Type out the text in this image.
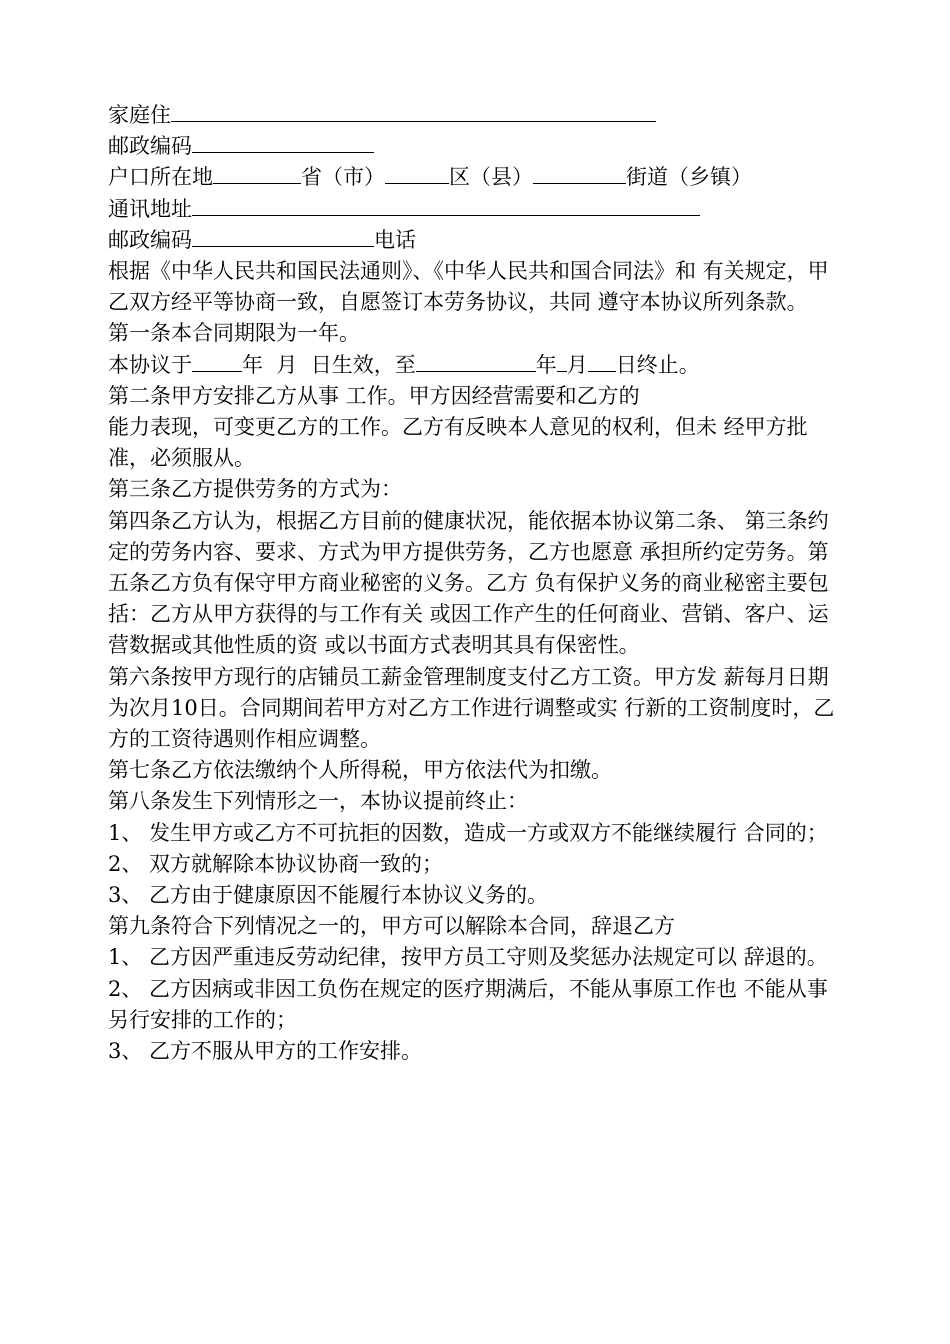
家庭住
邮政编码
户口所在地	省（市）	区（县）	街道（乡镇）
通讯地址
邮政编码	电话
根据《中华人民共和国民法通则》、《中华人民共和国合同法》和 有关规定，甲乙双方经平等协商一致，自愿签订本劳务协议，共同 遵守本协议所列条款。
第一条本合同期限为一年。
本协议于 年 月 日生效，至	年 月 日终止。
第二条甲方安排乙方从事 工作。甲方因经营需要和乙方的
能力表现，可变更乙方的工作。乙方有反映本人意见的权利，但未 经甲方批准，必须服从。
第三条乙方提供劳务的方式为：
第四条乙方认为，根据乙方目前的健康状况，能依据本协议第二条、 第三条约定的劳务内容、要求、方式为甲方提供劳务，乙方也愿意 承担所约定劳务。第五条乙方负有保守甲方商业秘密的义务。乙方 负有保护义务的商业秘密主要包括：乙方从甲方获得的与工作有关 或因工作产生的任何商业、营销、客户、运营数据或其他性质的资 或以书面方式表明其具有保密性。
第六条按甲方现行的店铺员工薪金管理制度支付乙方工资。甲方发 薪每月日期为次月10日。合同期间若甲方对乙方工作进行调整或实 行新的工资制度时，乙方的工资待遇则作相应调整。
第七条乙方依法缴纳个人所得税，甲方依法代为扣缴。
第八条发生下列情形之一，本协议提前终止：
1、 发生甲方或乙方不可抗拒的因数，造成一方或双方不能继续履行 合同的；
2、 双方就解除本协议协商一致的；
3、 乙方由于健康原因不能履行本协议义务的。
第九条符合下列情况之一的，甲方可以解除本合同，辞退乙方
1、 乙方因严重违反劳动纪律，按甲方员工守则及奖惩办法规定可以 辞退的。
2、 乙方因病或非因工负伤在规定的医疗期满后，不能从事原工作也 不能从事另行安排的工作的；
3、 乙方不服从甲方的工作安排。
